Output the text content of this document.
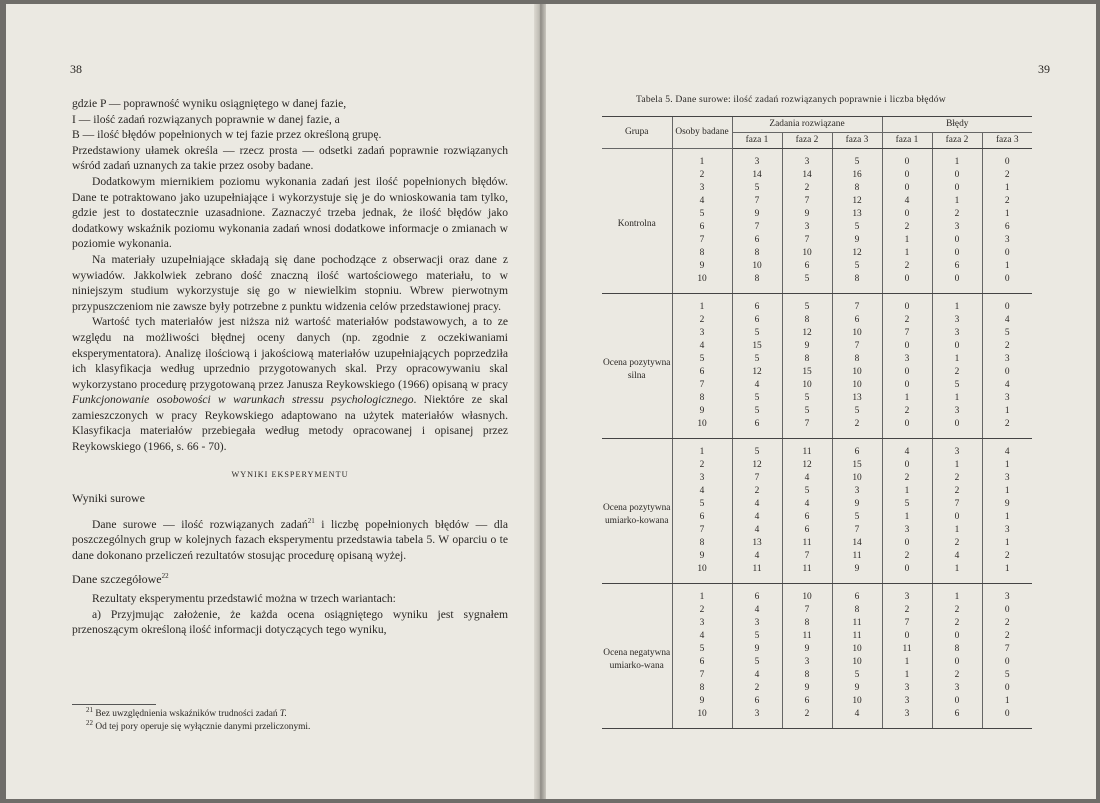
38

gdzie P — poprawność wyniku osiągniętego w danej fazie,

I — ilość zadań rozwiązanych poprawnie w danej fazie, a

B — ilość błędów popełnionych w tej fazie przez określoną grupę.

Przedstawiony ułamek określa — rzecz prosta — odsetki zadań poprawnie rozwiązanych wśród zadań uznanych za takie przez osoby badane.

Dodatkowym miernikiem poziomu wykonania zadań jest ilość popełnionych błędów. Dane te potraktowano jako uzupełniające i wykorzystuje się je do wnioskowania tam tylko, gdzie jest to dostatecznie uzasadnione. Zaznaczyć trzeba jednak, że ilość błędów jako dodatkowy wskaźnik poziomu wykonania zadań wnosi dodatkowe informacje o zmianach w poziomie wykonania.

Na materiały uzupełniające składają się dane pochodzące z obserwacji oraz dane z wywiadów. Jakkolwiek zebrano dość znaczną ilość wartościowego materiału, to w niniejszym studium wykorzystuje się go w niewielkim stopniu. Wbrew pierwotnym przypuszczeniom nie zawsze były potrzebne z punktu widzenia celów przedstawionej pracy.

Wartość tych materiałów jest niższa niż wartość materiałów podstawowych, a to ze względu na możliwości błędnej oceny danych (np. zgodnie z oczekiwaniami eksperymentatora). Analizę ilościową i jakościową materiałów uzupełniających poprzedziła ich klasyfikacja według uprzednio przygotowanych skal. Przy opracowywaniu skal wykorzystano procedurę przygotowaną przez Janusza Reykowskiego (1966) opisaną w pracy Funkcjonowanie osobowości w warunkach stressu psychologicznego. Niektóre ze skal zamieszczonych w pracy Reykowskiego adaptowano na użytek materiałów własnych. Klasyfikacja materiałów przebiegała według metody opracowanej i opisanej przez Reykowskiego (1966, s. 66 - 70).

WYNIKI EKSPERYMENTU

Wyniki surowe

Dane surowe — ilość rozwiązanych zadań$^{21}$ i liczbę popełnionych błędów — dla poszczególnych grup w kolejnych fazach eksperymentu przedstawia tabela 5. W oparciu o te dane dokonano przeliczeń rezultatów stosując procedurę opisaną wyżej.

Dane szczegółowe$^{22}$

Rezultaty eksperymentu przedstawić można w trzech wariantach:

a) Przyjmując założenie, że każda ocena osiągniętego wyniku jest sygnałem przenoszącym określoną ilość informacji dotyczących tego wyniku,

$^{21}$ Bez uwzględnienia wskaźników trudności zadań T.
$^{22}$ Od tej pory operuje się wyłącznie danymi przeliczonymi.
39
Tabela 5. Dane surowe: ilość zadań rozwiązanych poprawnie i liczba błędów
Grupa	Osoby badane	Zadania rozwiązane			Błędy		
		faza 1	faza 2	faza 3	faza 1	faza 2	faza 3

Kontrolna	1	3	3	5	0	1	0
	2	14	14	16	0	0	2
	3	5	2	8	0	0	1
	4	7	7	12	4	1	2
	5	9	9	13	0	2	1
	6	7	3	5	2	3	6
	7	6	7	9	1	0	3
	8	8	10	12	1	0	0
	9	10	6	5	2	6	1
	10	8	5	8	0	0	0

Ocena pozytywna silna	1	6	5	7	0	1	0
	2	6	8	6	2	3	4
	3	5	12	10	7	3	5
	4	15	9	7	0	0	2
	5	5	8	8	3	1	3
	6	12	15	10	0	2	0
	7	4	10	10	0	5	4
	8	5	5	13	1	1	3
	9	5	5	5	2	3	1
	10	6	7	2	0	0	2

Ocena pozytywna umiarko-kowana	1	5	11	6	4	3	4
	2	12	12	15	0	1	1
	3	7	4	10	2	2	3
	4	2	5	3	1	2	1
	5	4	4	9	5	7	9
	6	4	6	5	1	0	1
	7	4	6	7	3	1	3
	8	13	11	14	0	2	1
	9	4	7	11	2	4	2
	10	11	11	9	0	1	1

Ocena negatywna umiarko-wana	1	6	10	6	3	1	3
	2	4	7	8	2	2	0
	3	3	8	11	7	2	2
	4	5	11	11	0	0	2
	5	9	9	10	11	8	7
	6	5	3	10	1	0	0
	7	4	8	5	1	2	5
	8	2	9	9	3	3	0
	9	6	6	10	3	0	1
	10	3	2	4	3	6	0
